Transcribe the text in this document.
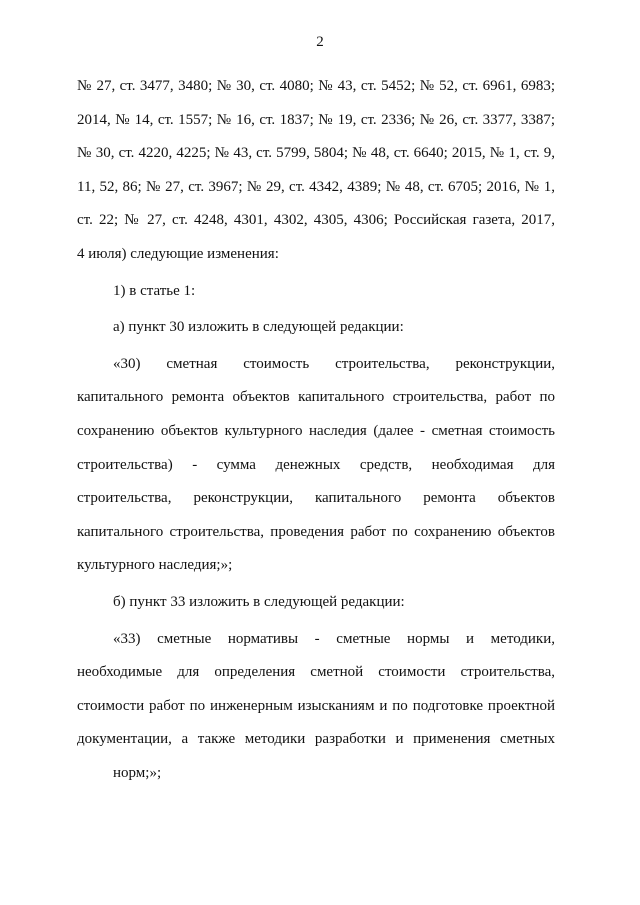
2

№ 27, ст. 3477, 3480; № 30, ст. 4080; № 43, ст. 5452; № 52, ст. 6961, 6983;

2014, № 14, ст. 1557; № 16, ст. 1837; № 19, ст. 2336; № 26, ст. 3377, 3387;

№ 30, ст. 4220, 4225; № 43, ст. 5799, 5804; № 48, ст. 6640; 2015, № 1, ст. 9,

11, 52, 86; № 27, ст. 3967; № 29, ст. 4342, 4389; № 48, ст. 6705; 2016, № 1,

ст. 22; № 27, ст. 4248, 4301, 4302, 4305, 4306; Российская газета, 2017,

4 июля) следующие изменения:

1) в статье 1:

а) пункт 30 изложить в следующей редакции:

«30) сметная стоимость строительства, реконструкции,

капитального ремонта объектов капитального строительства, работ по

сохранению объектов культурного наследия (далее - сметная стоимость

строительства) - сумма денежных средств, необходимая для

строительства, реконструкции, капитального ремонта объектов

капитального строительства, проведения работ по сохранению объектов

культурного наследия;»;

б) пункт 33 изложить в следующей редакции:

«33) сметные нормативы - сметные нормы и методики,

необходимые для определения сметной стоимости строительства,

стоимости работ по инженерным изысканиям и по подготовке проектной

документации, а также методики разработки и применения сметных

норм;»;
